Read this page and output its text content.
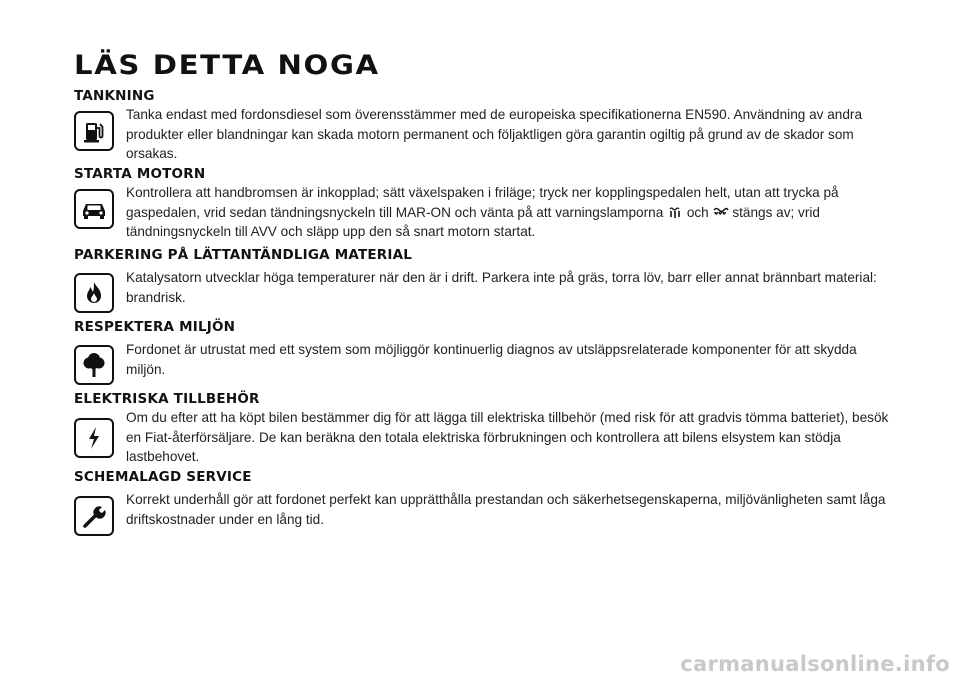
LÄS DETTA NOGA
TANKNING
Tanka endast med fordonsdiesel som överensstämmer med de europeiska specifikationerna EN590. Användning av andra produkter eller blandningar kan skada motorn permanent och följaktligen göra garantin ogiltig på grund av de skador som orsakas.
STARTA MOTORN
Kontrollera att handbromsen är inkopplad; sätt växelspaken i friläge; tryck ner kopplingspedalen helt, utan att trycka på gaspedalen, vrid sedan tändningsnyckeln till MAR-ON och vänta på att varningslamporna och stängs av; vrid tändningsnyckeln till AVV och släpp upp den så snart motorn startat.
PARKERING PÅ LÄTTANTÄNDLIGA MATERIAL
Katalysatorn utvecklar höga temperaturer när den är i drift. Parkera inte på gräs, torra löv, barr eller annat brännbart material: brandrisk.
RESPEKTERA MILJÖN
Fordonet är utrustat med ett system som möjliggör kontinuerlig diagnos av utsläppsrelaterade komponenter för att skydda miljön.
ELEKTRISKA TILLBEHÖR
Om du efter att ha köpt bilen bestämmer dig för att lägga till elektriska tillbehör (med risk för att gradvis tömma batteriet), besök en Fiat-återförsäljare. De kan beräkna den totala elektriska förbrukningen och kontrollera att bilens elsystem kan stödja lastbehovet.
SCHEMALAGD SERVICE
Korrekt underhåll gör att fordonet perfekt kan upprätthålla prestandan och säkerhetsegenskaperna, miljövänligheten samt låga driftskostnader under en lång tid.
carmanualsonline.info
